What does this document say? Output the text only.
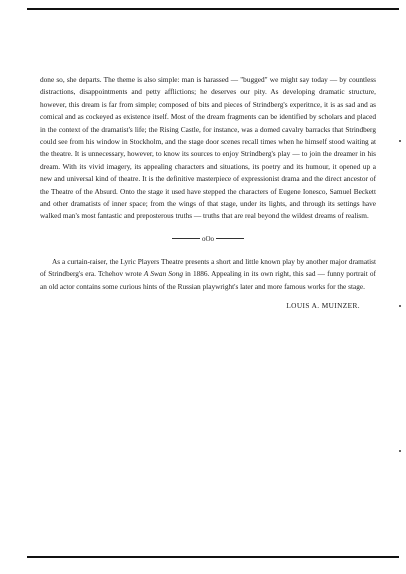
done so, she departs. The theme is also simple: man is harassed — "bugged" we might say today — by countless distractions, disappointments and petty afflictions; he deserves our pity. As developing dramatic structure, however, this dream is far from simple; composed of bits and pieces of Strindberg's experitnce, it is as sad and as comical and as cockeyed as existence itself. Most of the dream fragments can be identified by scholars and placed in the context of the dramatist's life; the Rising Castle, for instance, was a domed cavalry barracks that Strindberg could see from his window in Stockholm, and the stage door scenes recall times when he himself stood waiting at the theatre. It is unnecessary, however, to know its sources to enjoy Strindberg's play — to join the dreamer in his dream. With its vivid imagery, its appealing characters and situations, its poetry and its humour, it opened up a new and universal kind of theatre. It is the definitive masterpiece of expressionist drama and the direct ancestor of the Theatre of the Absurd. Onto the stage it used have stepped the characters of Eugene Ionesco, Samuel Beckett and other dramatists of inner space; from the wings of that stage, under its lights, and through its settings have walked man's most fantastic and preposterous truths — truths that are real beyond the wildest dreams of realism.

oOo

As a curtain-raiser, the Lyric Players Theatre presents a short and little known play by another major dramatist of Strindberg's era. Tchehov wrote A Swan Song in 1886. Appealing in its own right, this sad — funny portrait of an old actor contains some curious hints of the Russian playwright's later and more famous works for the stage.

LOUIS A. MUINZER.
